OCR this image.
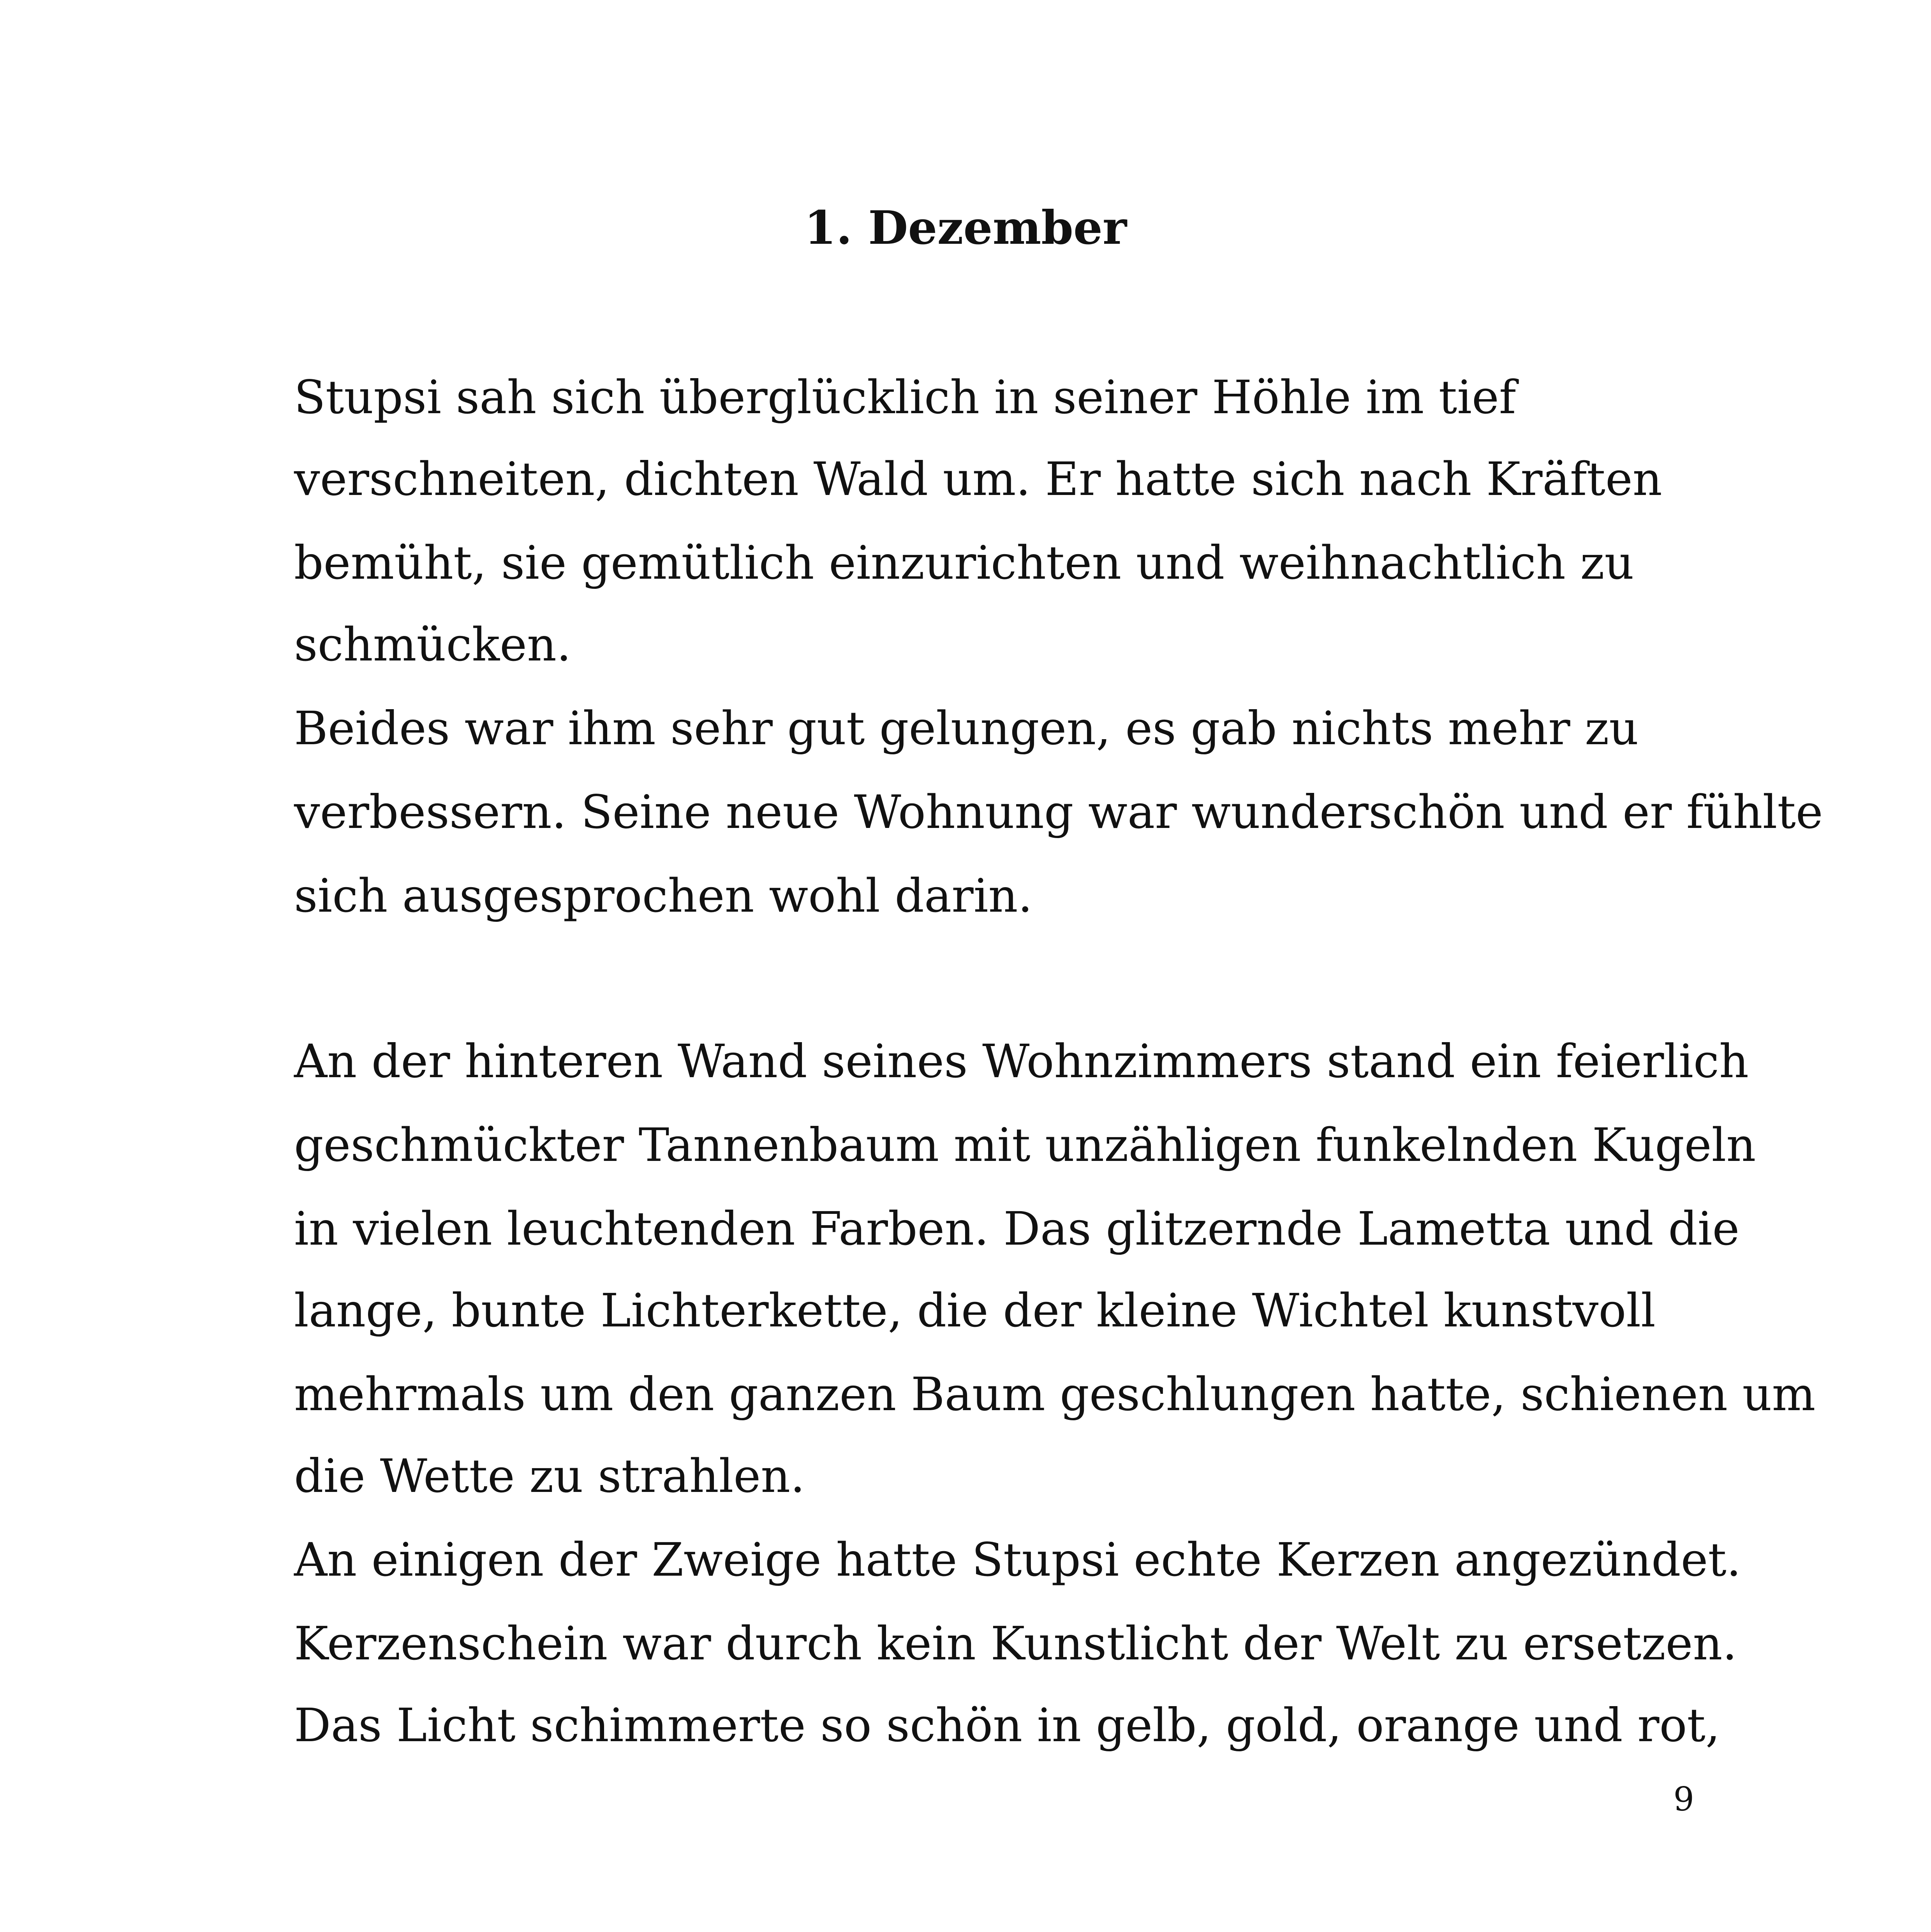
1. Dezember
Stupsi sah sich überglücklich in seiner Höhle im tief
verschneiten, dichten Wald um. Er hatte sich nach Kräften
bemüht, sie gemütlich einzurichten und weihnachtlich zu
schmücken.
Beides war ihm sehr gut gelungen, es gab nichts mehr zu
verbessern. Seine neue Wohnung war wunderschön und er fühlte
sich ausgesprochen wohl darin.
An der hinteren Wand seines Wohnzimmers stand ein feierlich
geschmückter Tannenbaum mit unzähligen funkelnden Kugeln
in vielen leuchtenden Farben. Das glitzernde Lametta und die
lange, bunte Lichterkette, die der kleine Wichtel kunstvoll
mehrmals um den ganzen Baum geschlungen hatte, schienen um
die Wette zu strahlen.
An einigen der Zweige hatte Stupsi echte Kerzen angezündet.
Kerzenschein war durch kein Kunstlicht der Welt zu ersetzen.
Das Licht schimmerte so schön in gelb, gold, orange und rot,
9
